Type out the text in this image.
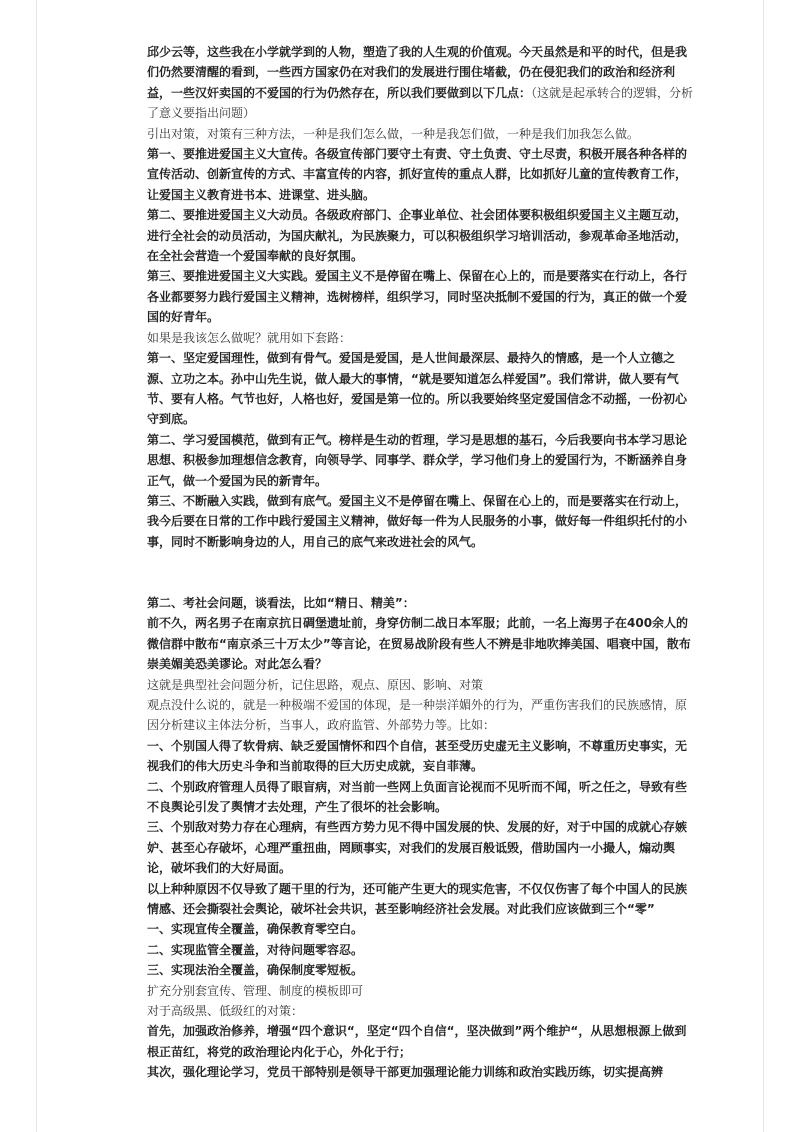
邱少云等，这些我在小学就学到的人物，塑造了我的人生观的价值观。今天虽然是和平的时代，但是我们仍然要清醒的看到，一些西方国家仍在对我们的发展进行围住堵截，仍在侵犯我们的政治和经济利益，一些汉奸卖国的不爱国的行为仍然存在，所以我们要做到以下几点：（这就是起承转合的逻辑，分析了意义要指出问题）

引出对策，对策有三种方法，一种是我们怎么做，一种是我怎们做，一种是我们加我怎么做。

第一、要推进爱国主义大宣传。各级宣传部门要守土有责、守土负责、守土尽责，积极开展各种各样的宣传活动、创新宣传的方式、丰富宣传的内容，抓好宣传的重点人群，比如抓好儿童的宣传教育工作，让爱国主义教育进书本、进课堂、进头脑。

第二、要推进爱国主义大动员。各级政府部门、企事业单位、社会团体要积极组织爱国主义主题互动，进行全社会的动员活动，为国庆献礼，为民族聚力，可以积极组织学习培训活动，参观革命圣地活动，在全社会营造一个爱国奉献的良好氛围。

第三、要推进爱国主义大实践。爱国主义不是停留在嘴上、保留在心上的，而是要落实在行动上，各行各业都要努力践行爱国主义精神，选树榜样，组织学习，同时坚决抵制不爱国的行为，真正的做一个爱国的好青年。

如果是我该怎么做呢？就用如下套路：

第一、坚定爱国理性，做到有骨气。爱国是爱国，是人世间最深层、最持久的情感，是一个人立德之源、立功之本。孙中山先生说，做人最大的事情，“就是要知道怎么样爱国”。我们常讲，做人要有气节、要有人格。气节也好，人格也好，爱国是第一位的。所以我要始终坚定爱国信念不动摇，一份初心守到底。

第二、学习爱国模范，做到有正气。榜样是生动的哲理，学习是思想的基石，今后我要向书本学习思论思想、积极参加理想信念教育，向领导学、同事学、群众学，学习他们身上的爱国行为，不断涵养自身正气，做一个爱国为民的新青年。

第三、不断融入实践，做到有底气。爱国主义不是停留在嘴上、保留在心上的，而是要落实在行动上，我今后要在日常的工作中践行爱国主义精神，做好每一件为人民服务的小事，做好每一件组织托付的小事，同时不断影响身边的人，用自己的底气来改进社会的风气。

第二、考社会问题，谈看法，比如“精日、精美”：

前不久，两名男子在南京抗日碉堡遗址前，身穿仿制二战日本军服；此前，一名上海男子在400余人的微信群中散布“南京杀三十万太少”等言论，在贸易战阶段有些人不辨是非地吹捧美国、唱衰中国，散布崇美媚美恐美谬论。对此怎么看？

这就是典型社会问题分析，记住思路，观点、原因、影响、对策

观点没什么说的，就是一种极端不爱国的体现，是一种崇洋媚外的行为，严重伤害我们的民族感情，原因分析建议主体法分析，当事人，政府监管、外部势力等。比如：

一、个别国人得了软骨病、缺乏爱国情怀和四个自信，甚至受历史虚无主义影响，不尊重历史事实，无视我们的伟大历史斗争和当前取得的巨大历史成就，妄自菲薄。

二、个别政府管理人员得了眼盲病，对当前一些网上负面言论视而不见听而不闻，听之任之，导致有些不良舆论引发了舆情才去处理，产生了很坏的社会影响。

三、个别敌对势力存在心理病，有些西方势力见不得中国发展的快、发展的好，对于中国的成就心存嫉妒、甚至心存破坏，心理严重扭曲，罔顾事实，对我们的发展百般诋毁，借助国内一小撮人，煽动舆论，破坏我们的大好局面。

以上种种原因不仅导致了题干里的行为，还可能产生更大的现实危害，不仅仅伤害了每个中国人的民族情感、还会撕裂社会舆论，破坏社会共识，甚至影响经济社会发展。对此我们应该做到三个“零”

一、实现宣传全覆盖，确保教育零空白。

二、实现监管全覆盖，对待问题零容忍。

三、实现法治全覆盖，确保制度零短板。

扩充分别套宣传、管理、制度的模板即可

对于高级黑、低级红的对策：

首先，加强政治修养，增强“四个意识“，坚定“四个自信“，坚决做到”两个维护“，从思想根源上做到根正苗红，将党的政治理论内化于心，外化于行；

其次，强化理论学习，党员干部特别是领导干部更加强理论能力训练和政治实践历练，切实提高辨
